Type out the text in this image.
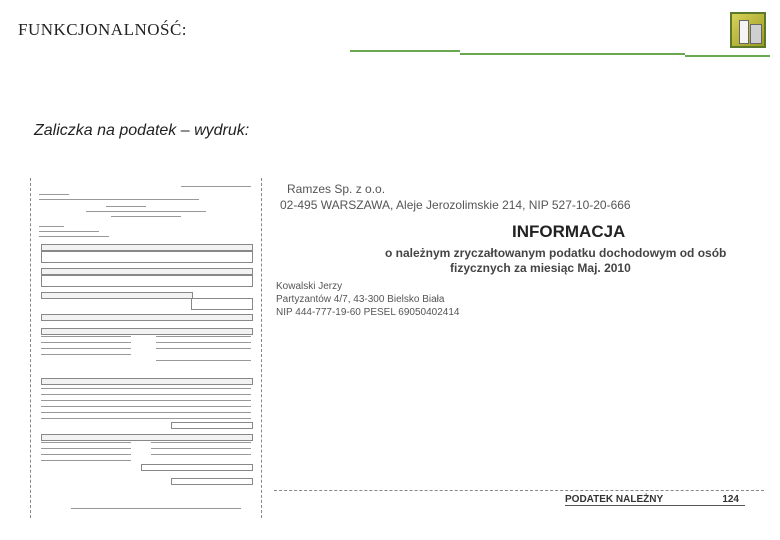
FUNKCJONALNOŚĆ:
Zaliczka na podatek – wydruk:
Ramzes Sp. z o.o.
02-495 WARSZAWA, Aleje Jerozolimskie 214, NIP 527-10-20-666
INFORMACJA
o należnym zryczałtowanym podatku dochodowym od osób
fizycznych za miesiąc Maj. 2010
Kowalski Jerzy
Partyzantów 4/7, 43-300 Bielsko Biała
NIP 444-777-19-60 PESEL 69050402414
PODATEK NALEŻNY	124
